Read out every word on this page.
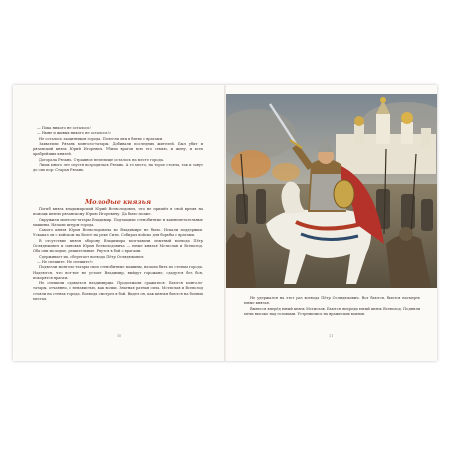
— Пока никого не осталось!

— Ныне и живых никого не осталось!»

Не осталось защитников города. Полегли они в битве с врагами.

Захватили Рязань монголо-татары. Добивали последних жителей. Был убит и рязанский князь Юрий Игоревич. Убили врагов всю его семью, и жену, и всех храбрейших князей.

Догорала Рязань. Страшное пепелище осталось на месте города.

Лишь много лет спустя возродилась Рязань. А то место, на торое стояла, так и зовут до сих пор: Старая Рязань.

Молодые князья

Погиб князь владимирский Юрий Всеволодович, что не пришёл в свой время на помощь князю рязанскому Юрию Игоревичу. Да было позже.

Окружили монголо-татары Владимир. Подтащили стенобитные и камнеметательные машины. Начали штурм города.

Самого князя Юрия Всеволодовича во Владимире не было. Искали поддержки. Ускакал он с войском на Волге на реке Сити. Собирал войско для борьбы с врагами.

В отсутствие князя оборону Владимира возглавили опытный воевода Пётр Ослядюкович и сыновья Юрия Всеволодовича — юные князья Мстислав и Всеволод. Оба они молодые, решительные. Рвутся в бой с врагами.

Сдерживает их, сберегает воевода Пётр Ослядюкович:

— Не спешите. Не спешите!»

Подвезли монголо-татары свои стенобитные машины, начали бить по стенам города. Надеются, что вот-вот не устоит Владимир, выйдут горожане, сдадутся без боя, покорятся врагам.

Не спешили сдаваться владимирцы. Продолжали сражаться. Бьются монголо-татары, отчаянно, с ненавистью, как волки. Знатная ратная сила. Мстислав и Всеволод стояли на стенах города. Воевода смотрел в бой. Видел он, как князья бьются на боевых местах.

10

Не удержался на этот раз воевода Пётр Ослядюкович. Вот бьются, бьются насмерть юные князья.

Вынесся вперёд юный князь Мстислав. Бьются впереди юный князь Всеволод. Подняли мечи высоко над головами. Устремились на вражеских воинов.

11
